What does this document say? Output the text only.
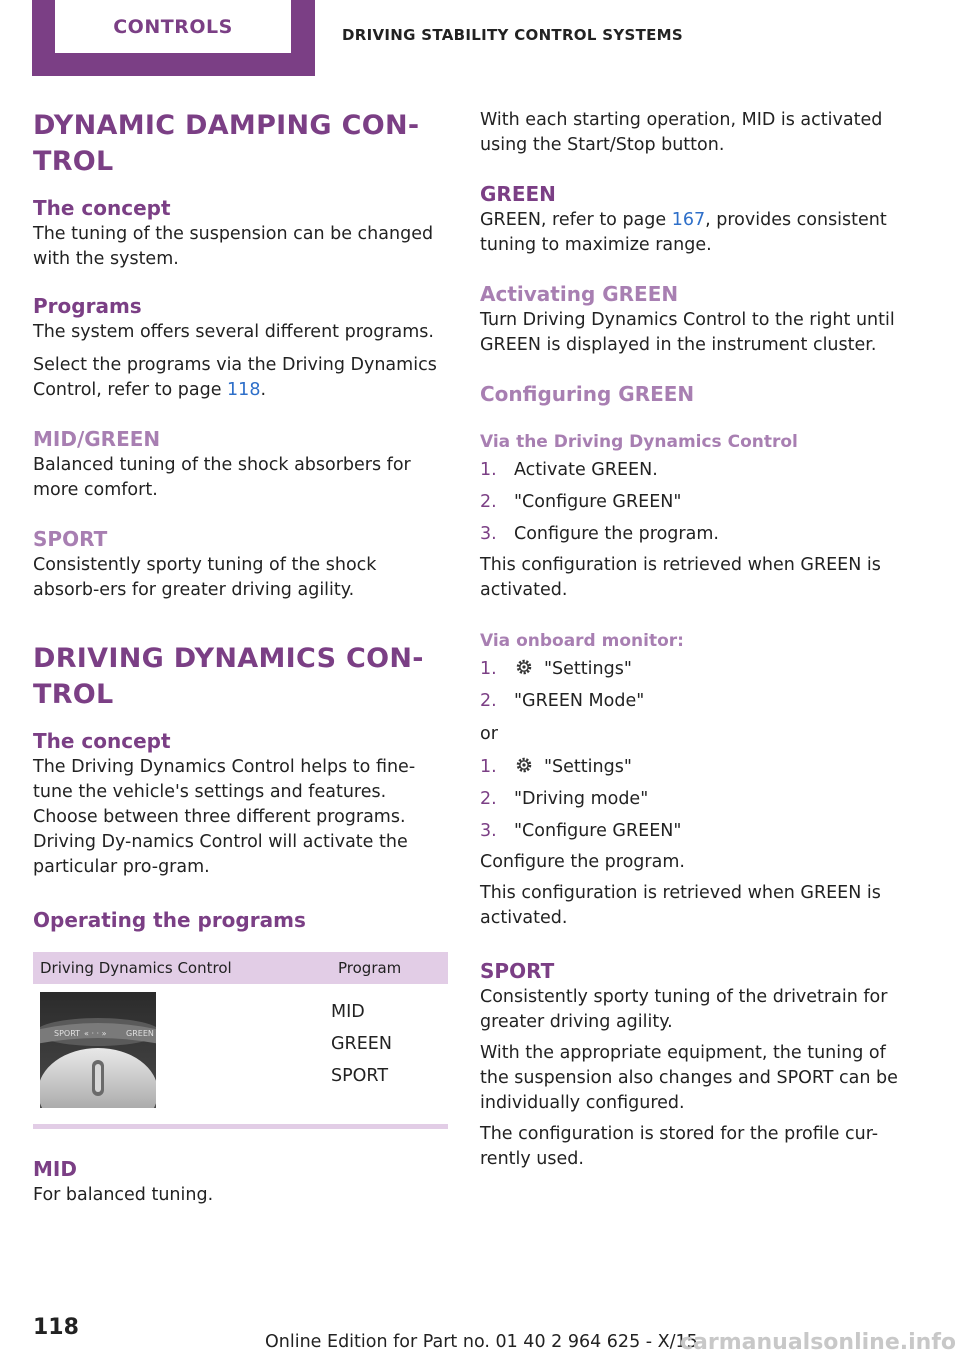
CONTROLS	DRIVING STABILITY CONTROL SYSTEMS
DYNAMIC DAMPING CON-
TROL
The concept
The tuning of the suspension can be changed with the system.
Programs
The system offers several different programs.
Select the programs via the Driving Dynamics Control, refer to page 118.
MID/GREEN
Balanced tuning of the shock absorbers for more comfort.
SPORT
Consistently sporty tuning of the shock absorb-ers for greater driving agility.
DRIVING DYNAMICS CON-
TROL
The concept
The Driving Dynamics Control helps to fine-tune the vehicle's settings and features. Choose between three different programs. Driving Dy-namics Control will activate the particular pro-gram.
Operating the programs
Driving Dynamics Control	Program
SPORT « · · » GREEN
MID
GREEN
SPORT
MID
For balanced tuning.
With each starting operation, MID is activated using the Start/Stop button.
GREEN
GREEN, refer to page 167, provides consistent tuning to maximize range.
Activating GREEN
Turn Driving Dynamics Control to the right until GREEN is displayed in the instrument cluster.
Configuring GREEN
Via the Driving Dynamics Control
1. Activate GREEN.
2. "Configure GREEN"
3. Configure the program.
This configuration is retrieved when GREEN is activated.
Via onboard monitor:
1.	"Settings"
2. "GREEN Mode"
or
1.	"Settings"
2. "Driving mode"
3. "Configure GREEN"
Configure the program.
This configuration is retrieved when GREEN is activated.
SPORT
Consistently sporty tuning of the drivetrain for greater driving agility.
With the appropriate equipment, the tuning of the suspension also changes and SPORT can be individually configured.
The configuration is stored for the profile cur-rently used.
118
Online Edition for Part no. 01 40 2 964 625 - X/15
carmanualsonline.info
